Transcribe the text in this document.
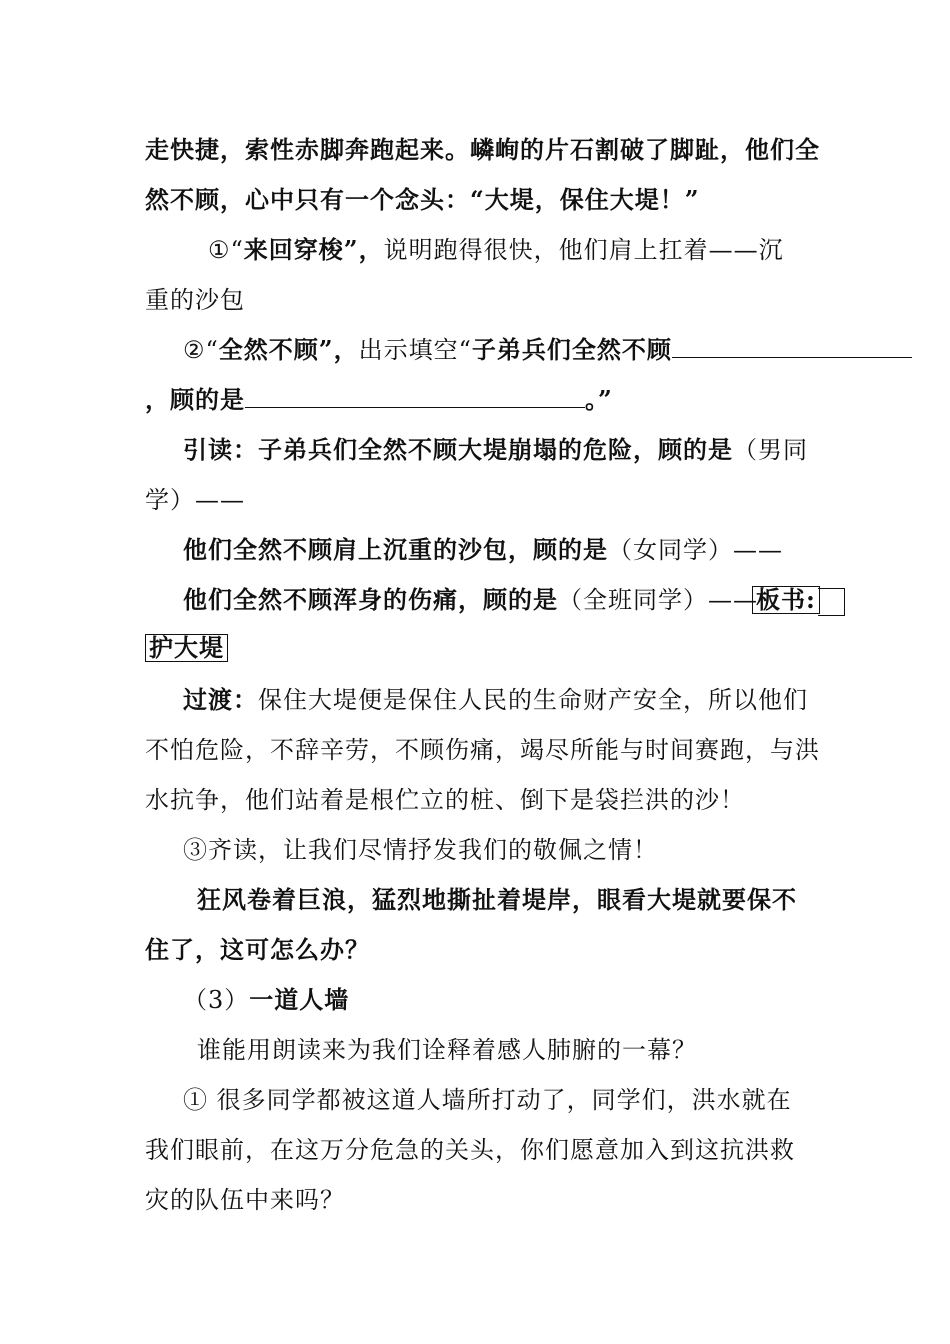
走快捷，索性赤脚奔跑起来。嶙峋的片石割破了脚趾，他们全
然不顾，心中只有一个念头：“大堤，保住大堤！”
①“来回穿梭”，说明跑得很快，他们肩上扛着——沉
重的沙包
②“全然不顾”，出示填空“子弟兵们全然不顾
，顾的是	。”
引读：子弟兵们全然不顾大堤崩塌的危险，顾的是（男同
学）——
他们全然不顾肩上沉重的沙包，顾的是（女同学）——
他们全然不顾浑身的伤痛，顾的是（全班同学）——
板书:
护大堤
过渡：保住大堤便是保住人民的生命财产安全，所以他们
不怕危险，不辞辛劳，不顾伤痛，竭尽所能与时间赛跑，与洪
水抗争，他们站着是根伫立的桩、倒下是袋拦洪的沙！
③齐读，让我们尽情抒发我们的敬佩之情！
狂风卷着巨浪，猛烈地撕扯着堤岸，眼看大堤就要保不
住了，这可怎么办？
（3）一道人墙
谁能用朗读来为我们诠释着感人肺腑的一幕？
① 很多同学都被这道人墙所打动了，同学们，洪水就在
我们眼前，在这万分危急的关头，你们愿意加入到这抗洪救
灾的队伍中来吗？
